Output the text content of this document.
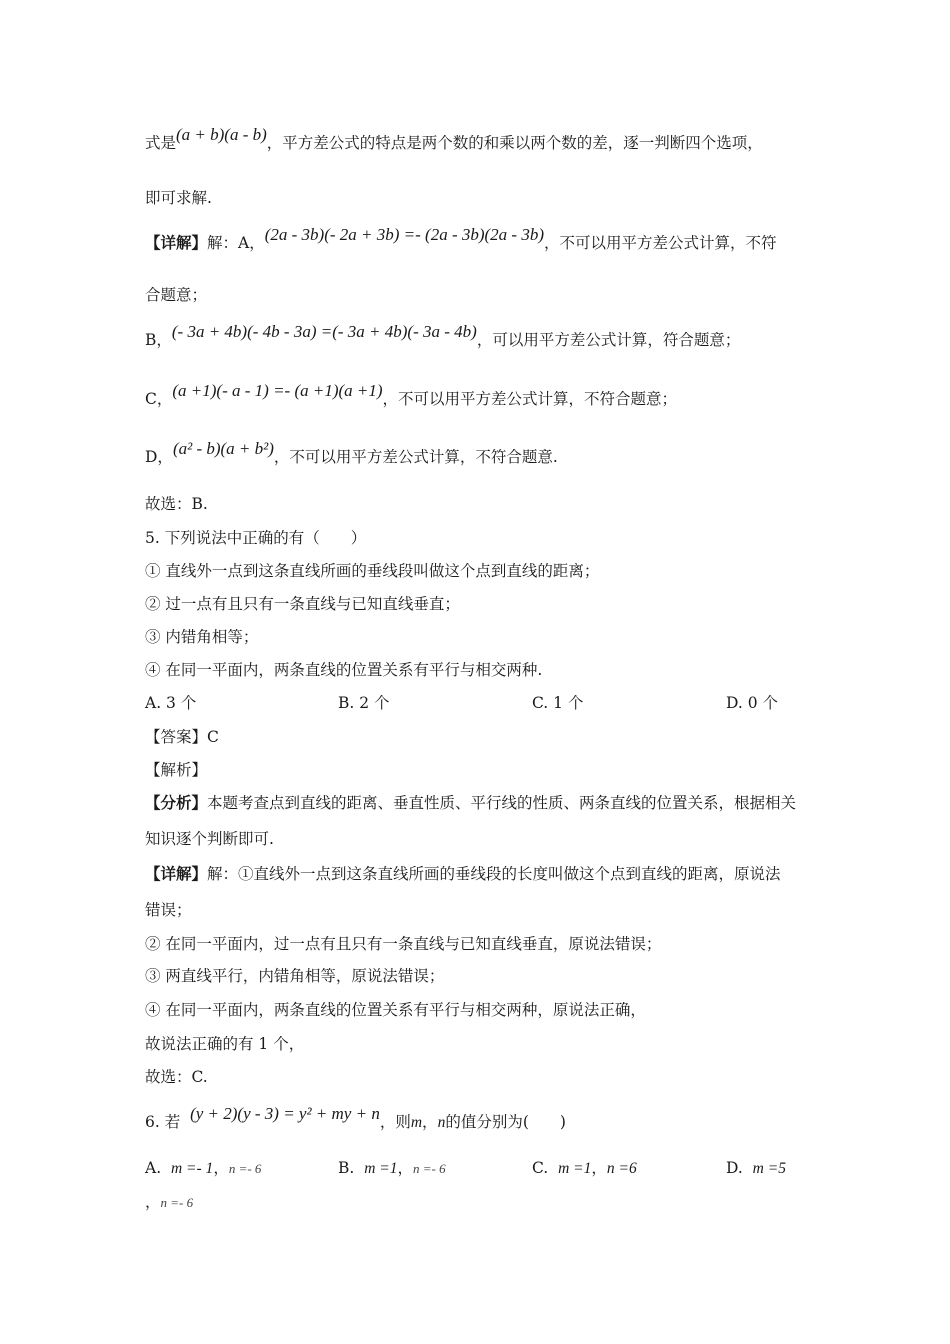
式是(a + b)(a - b)，平方差公式的特点是两个数的和乘以两个数的差，逐一判断四个选项，
即可求解.
【详解】解：A，(2a - 3b)(- 2a + 3b) =- (2a - 3b)(2a - 3b)，不可以用平方差公式计算，不符
合题意；
B，(- 3a + 4b)(- 4b - 3a) =(- 3a + 4b)(- 3a - 4b)，可以用平方差公式计算，符合题意；
C，(a +1)(- a - 1) =- (a +1)(a +1)，不可以用平方差公式计算，不符合题意；
D，(a² - b)(a + b²)，不可以用平方差公式计算，不符合题意.
故选：B.
5. 下列说法中正确的有（　　）
① 直线外一点到这条直线所画的垂线段叫做这个点到直线的距离；
② 过一点有且只有一条直线与已知直线垂直；
③ 内错角相等；
④ 在同一平面内，两条直线的位置关系有平行与相交两种.
A. 3 个	B. 2 个	C. 1 个	D. 0 个
【答案】C
【解析】
【分析】本题考查点到直线的距离、垂直性质、平行线的性质、两条直线的位置关系，根据相关
知识逐个判断即可.
【详解】解：①直线外一点到这条直线所画的垂线段的长度叫做这个点到直线的距离，原说法
错误；
② 在同一平面内，过一点有且只有一条直线与已知直线垂直，原说法错误；
③ 两直线平行，内错角相等，原说法错误；
④ 在同一平面内，两条直线的位置关系有平行与相交两种，原说法正确，
故说法正确的有 1 个，
故选：C.
6. 若 (y + 2)(y - 3) = y² + my + n，则m，n的值分别为(　　)
A. m =- 1，n =- 6	B. m =1，n =- 6	C. m =1，n =6	D. m =5
，n =- 6
